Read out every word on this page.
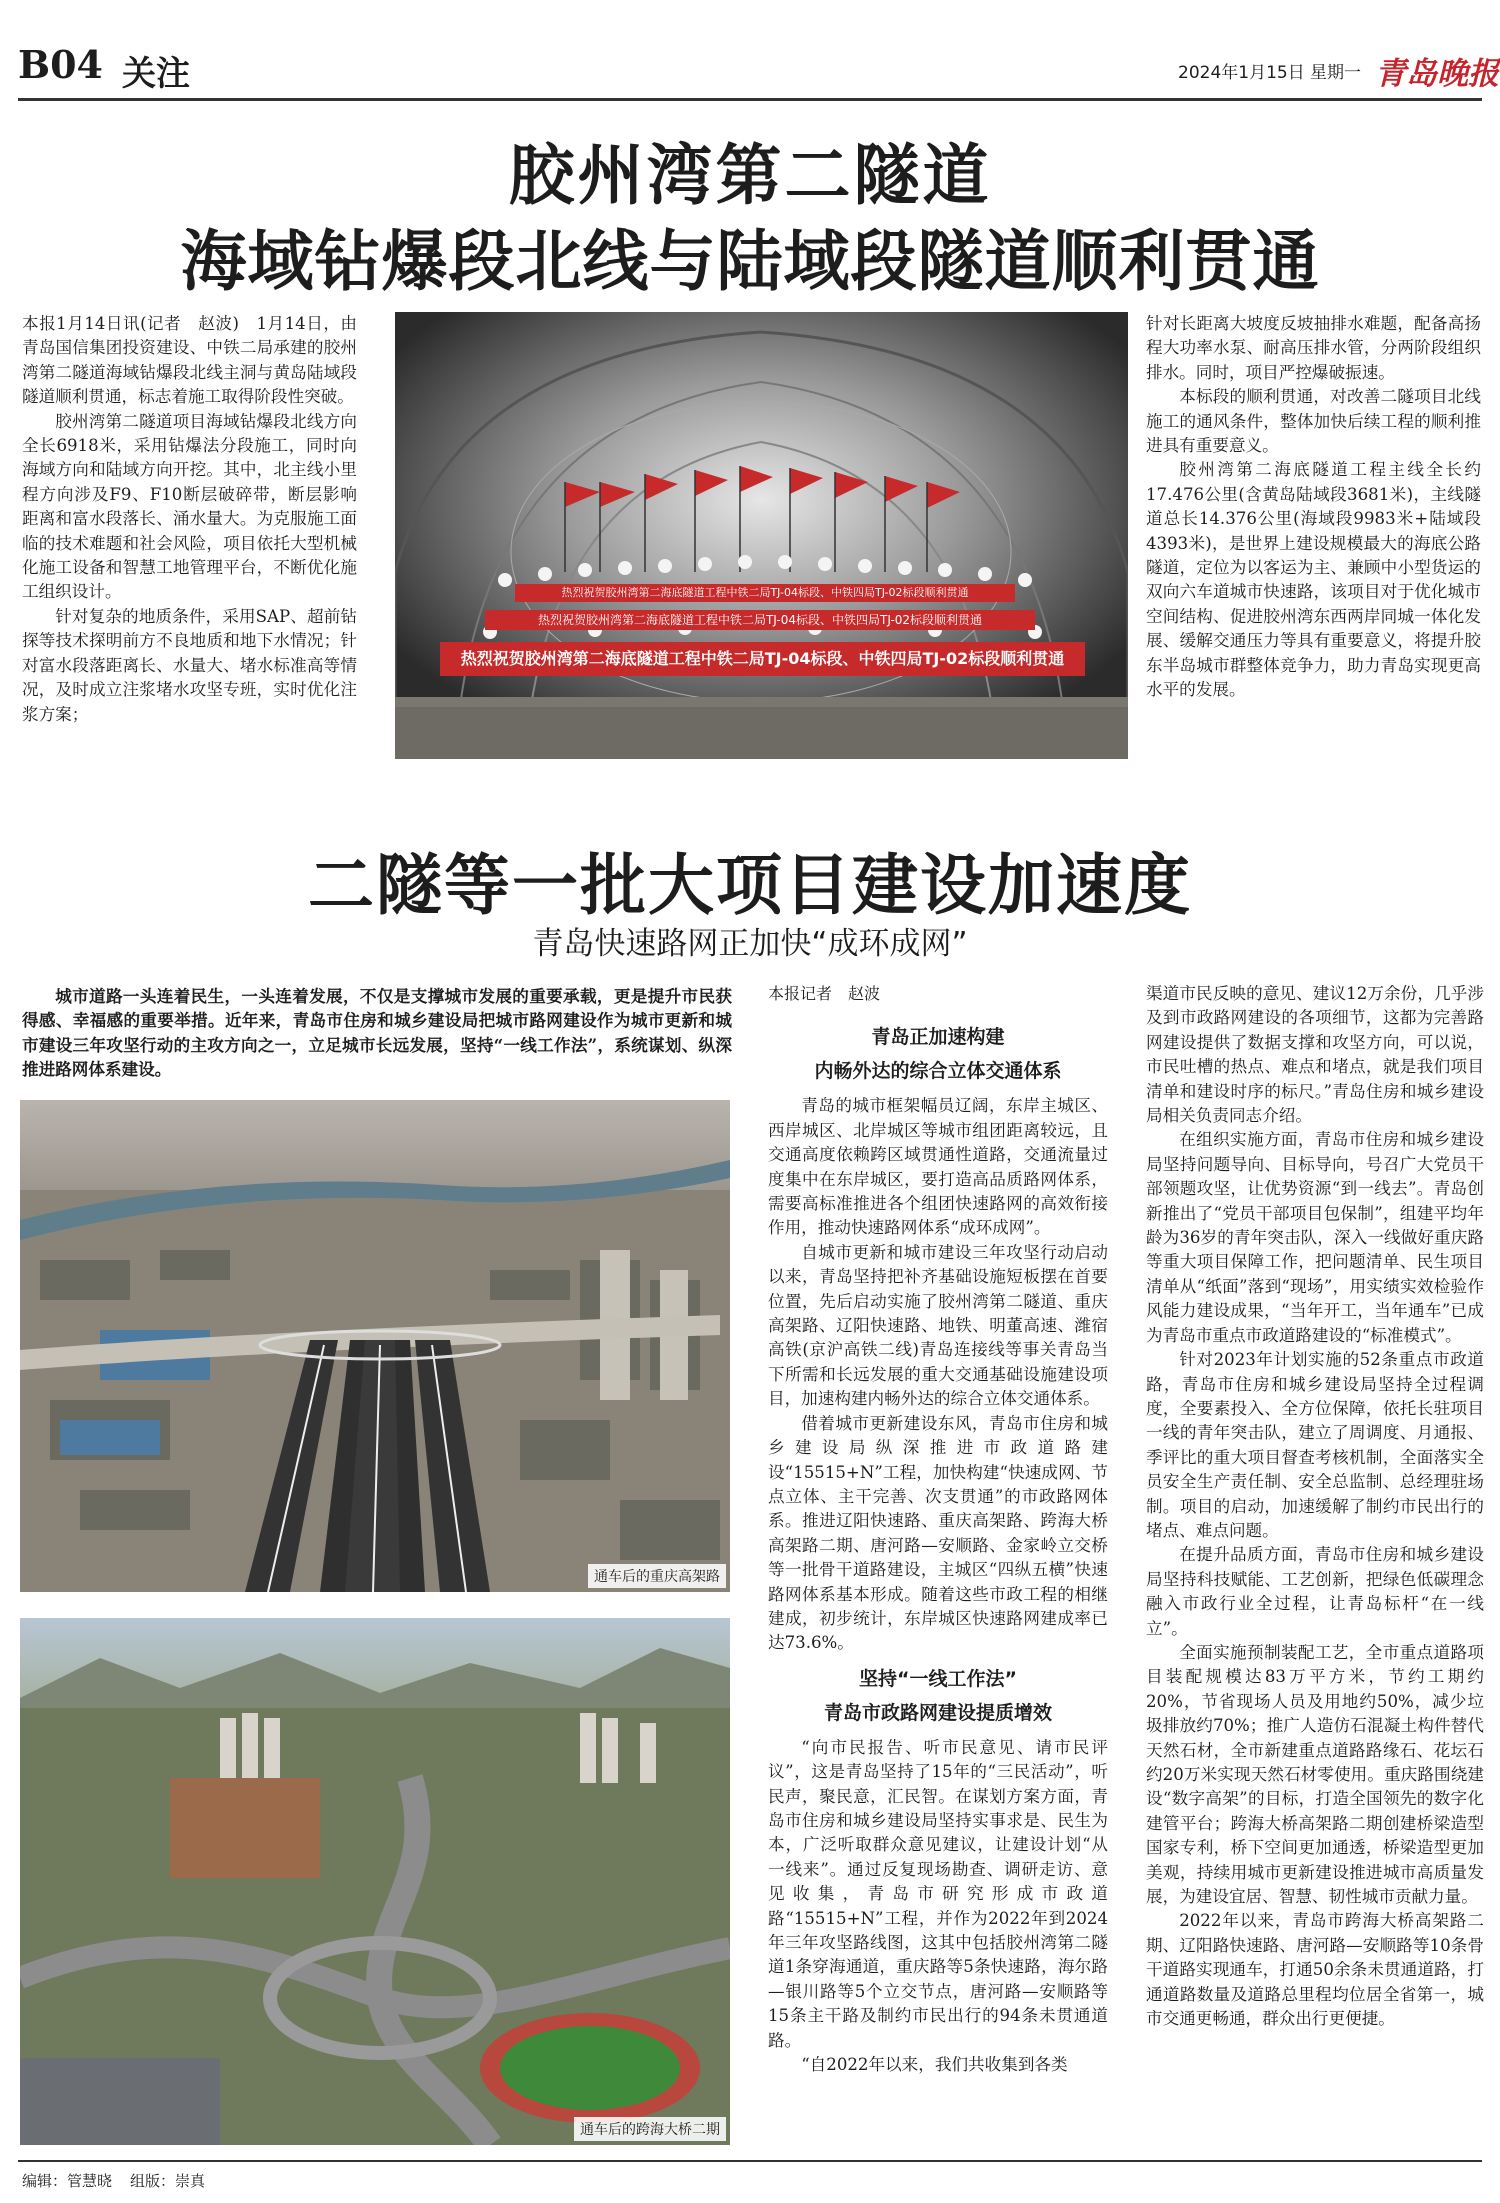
B04 关注	2024年1月15日 星期一 青岛晚报
胶州湾第二隧道
海域钻爆段北线与陆域段隧道顺利贯通

本报1月14日讯(记者　赵波)　1月14日，由青岛国信集团投资建设、中铁二局承建的胶州湾第二隧道海域钻爆段北线主洞与黄岛陆域段隧道顺利贯通，标志着施工取得阶段性突破。

胶州湾第二隧道项目海域钻爆段北线方向全长6918米，采用钻爆法分段施工，同时向海域方向和陆域方向开挖。其中，北主线小里程方向涉及F9、F10断层破碎带，断层影响距离和富水段落长、涌水量大。为克服施工面临的技术难题和社会风险，项目依托大型机械化施工设备和智慧工地管理平台，不断优化施工组织设计。

针对复杂的地质条件，采用SAP、超前钻探等技术探明前方不良地质和地下水情况；针对富水段落距离长、水量大、堵水标准高等情况，及时成立注浆堵水攻坚专班，实时优化注浆方案；

热烈祝贺胶州湾第二海底隧道工程中铁二局TJ-04标段、中铁四局TJ-02标段顺利贯通
热烈祝贺胶州湾第二海底隧道工程中铁二局TJ-04标段、中铁四局TJ-02标段顺利贯通
热烈祝贺胶州湾第二海底隧道工程中铁二局TJ-04标段、中铁四局TJ-02标段顺利贯通

针对长距离大坡度反坡抽排水难题，配备高扬程大功率水泵、耐高压排水管，分两阶段组织排水。同时，项目严控爆破振速。

本标段的顺利贯通，对改善二隧项目北线施工的通风条件，整体加快后续工程的顺利推进具有重要意义。

胶州湾第二海底隧道工程主线全长约17.476公里(含黄岛陆域段3681米)，主线隧道总长14.376公里(海域段9983米+陆域段4393米)，是世界上建设规模最大的海底公路隧道，定位为以客运为主、兼顾中小型货运的双向六车道城市快速路，该项目对于优化城市空间结构、促进胶州湾东西两岸同城一体化发展、缓解交通压力等具有重要意义，将提升胶东半岛城市群整体竞争力，助力青岛实现更高水平的发展。

二隧等一批大项目建设加速度
青岛快速路网正加快“成环成网”

城市道路一头连着民生，一头连着发展，不仅是支撑城市发展的重要承载，更是提升市民获得感、幸福感的重要举措。近年来，青岛市住房和城乡建设局把城市路网建设作为城市更新和城市建设三年攻坚行动的主攻方向之一，立足城市长远发展，坚持“一线工作法”，系统谋划、纵深推进路网体系建设。

通车后的重庆高架路
通车后的跨海大桥二期

本报记者　赵波

青岛正加速构建
内畅外达的综合立体交通体系

青岛的城市框架幅员辽阔，东岸主城区、西岸城区、北岸城区等城市组团距离较远，且交通高度依赖跨区域贯通性道路，交通流量过度集中在东岸城区，要打造高品质路网体系，需要高标准推进各个组团快速路网的高效衔接作用，推动快速路网体系“成环成网”。

自城市更新和城市建设三年攻坚行动启动以来，青岛坚持把补齐基础设施短板摆在首要位置，先后启动实施了胶州湾第二隧道、重庆高架路、辽阳快速路、地铁、明董高速、潍宿高铁(京沪高铁二线)青岛连接线等事关青岛当下所需和长远发展的重大交通基础设施建设项目，加速构建内畅外达的综合立体交通体系。

借着城市更新建设东风，青岛市住房和城乡建设局纵深推进市政道路建设“15515+N”工程，加快构建“快速成网、节点立体、主干完善、次支贯通”的市政路网体系。推进辽阳快速路、重庆高架路、跨海大桥高架路二期、唐河路—安顺路、金家岭立交桥等一批骨干道路建设，主城区“四纵五横”快速路网体系基本形成。随着这些市政工程的相继建成，初步统计，东岸城区快速路网建成率已达73.6%。

坚持“一线工作法”
青岛市政路网建设提质增效

“向市民报告、听市民意见、请市民评议”，这是青岛坚持了15年的“三民活动”，听民声，聚民意，汇民智。在谋划方案方面，青岛市住房和城乡建设局坚持实事求是、民生为本，广泛听取群众意见建议，让建设计划“从一线来”。通过反复现场勘查、调研走访、意见收集，青岛市研究形成市政道路“15515+N”工程，并作为2022年到2024年三年攻坚路线图，这其中包括胶州湾第二隧道1条穿海通道，重庆路等5条快速路，海尔路—银川路等5个立交节点，唐河路—安顺路等15条主干路及制约市民出行的94条未贯通道路。

“自2022年以来，我们共收集到各类

渠道市民反映的意见、建议12万余份，几乎涉及到市政路网建设的各项细节，这都为完善路网建设提供了数据支撑和攻坚方向，可以说，市民吐槽的热点、难点和堵点，就是我们项目清单和建设时序的标尺。”青岛住房和城乡建设局相关负责同志介绍。

在组织实施方面，青岛市住房和城乡建设局坚持问题导向、目标导向，号召广大党员干部领题攻坚，让优势资源“到一线去”。青岛创新推出了“党员干部项目包保制”，组建平均年龄为36岁的青年突击队，深入一线做好重庆路等重大项目保障工作，把问题清单、民生项目清单从“纸面”落到“现场”，用实绩实效检验作风能力建设成果，“当年开工，当年通车”已成为青岛市重点市政道路建设的“标准模式”。

针对2023年计划实施的52条重点市政道路，青岛市住房和城乡建设局坚持全过程调度，全要素投入、全方位保障，依托长驻项目一线的青年突击队，建立了周调度、月通报、季评比的重大项目督查考核机制，全面落实全员安全生产责任制、安全总监制、总经理驻场制。项目的启动，加速缓解了制约市民出行的堵点、难点问题。

在提升品质方面，青岛市住房和城乡建设局坚持科技赋能、工艺创新，把绿色低碳理念融入市政行业全过程，让青岛标杆“在一线立”。

全面实施预制装配工艺，全市重点道路项目装配规模达83万平方米，节约工期约20%，节省现场人员及用地约50%，减少垃圾排放约70%；推广人造仿石混凝土构件替代天然石材，全市新建重点道路路缘石、花坛石约20万米实现天然石材零使用。重庆路围绕建设“数字高架”的目标，打造全国领先的数字化建管平台；跨海大桥高架路二期创建桥梁造型国家专利，桥下空间更加通透，桥梁造型更加美观，持续用城市更新建设推进城市高质量发展，为建设宜居、智慧、韧性城市贡献力量。

2022年以来，青岛市跨海大桥高架路二期、辽阳路快速路、唐河路—安顺路等10条骨干道路实现通车，打通50余条未贯通道路，打通道路数量及道路总里程均位居全省第一，城市交通更畅通，群众出行更便捷。

编辑：管慧晓 组版：崇真
